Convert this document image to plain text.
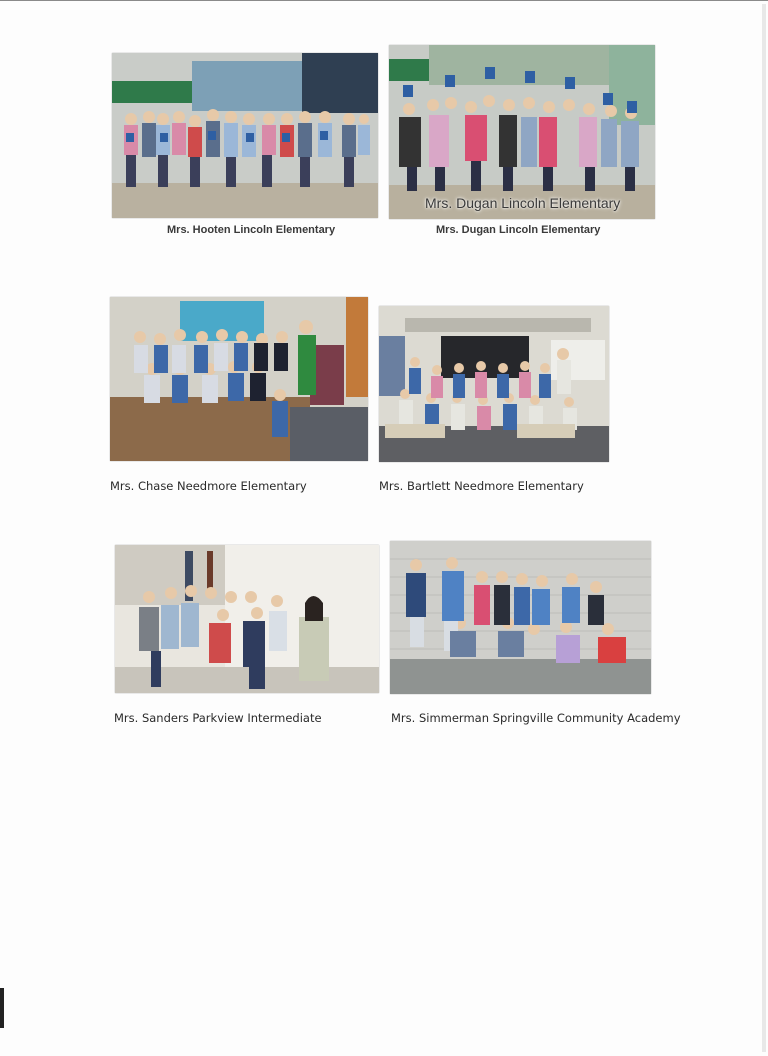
Mrs. Hooten Lincoln Elementary
Mrs. Dugan Lincoln Elementary
Mrs. Dugan Lincoln Elementary
Mrs. Chase Needmore Elementary	Mrs. Bartlett Needmore Elementary
Mrs. Sanders Parkview Intermediate	Mrs. Simmerman Springville Community Academy
